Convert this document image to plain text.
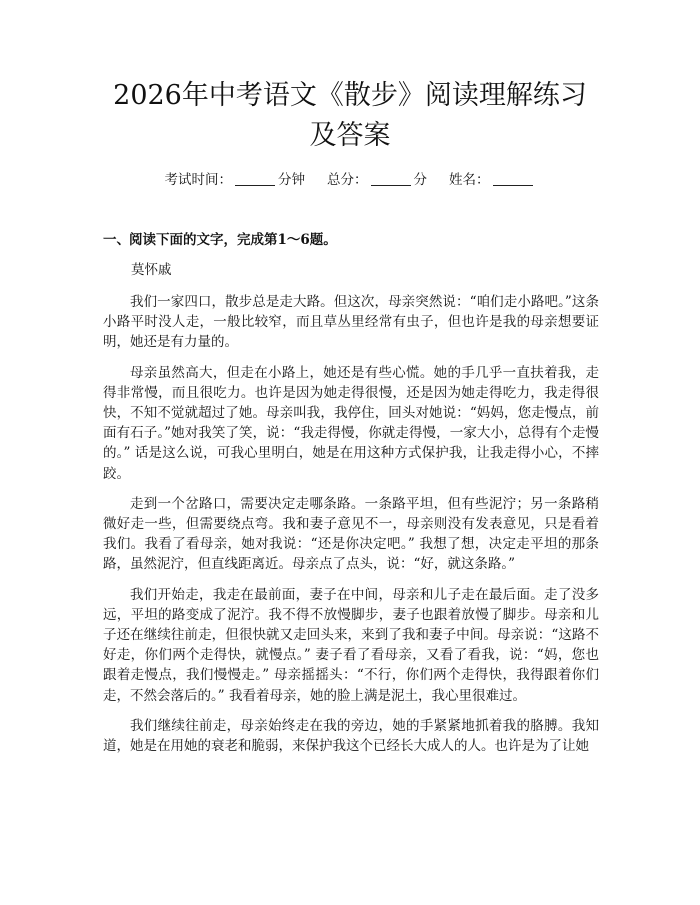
2026年中考语文《散步》阅读理解练习及答案
考试时间：	分钟 总分：	分 姓名：
一、阅读下面的文字，完成第1～6题。
莫怀戚

我们一家四口，散步总是走大路。但这次，母亲突然说：“咱们走小路吧。”这条小路平时没人走，一般比较窄，而且草丛里经常有虫子，但也许是我的母亲想要证明，她还是有力量的。

母亲虽然高大，但走在小路上，她还是有些心慌。她的手几乎一直扶着我，走得非常慢，而且很吃力。也许是因为她走得很慢，还是因为她走得吃力，我走得很快，不知不觉就超过了她。母亲叫我，我停住，回头对她说：“妈妈，您走慢点，前面有石子。”她对我笑了笑，说：“我走得慢，你就走得慢，一家大小，总得有个走慢的。” 话是这么说，可我心里明白，她是在用这种方式保护我，让我走得小心，不摔跤。

走到一个岔路口，需要决定走哪条路。一条路平坦，但有些泥泞；另一条路稍微好走一些，但需要绕点弯。我和妻子意见不一，母亲则没有发表意见，只是看着我们。我看了看母亲，她对我说：“还是你决定吧。” 我想了想，决定走平坦的那条路，虽然泥泞，但直线距离近。母亲点了点头，说：“好，就这条路。”

我们开始走，我走在最前面，妻子在中间，母亲和儿子走在最后面。走了没多远，平坦的路变成了泥泞。我不得不放慢脚步，妻子也跟着放慢了脚步。母亲和儿子还在继续往前走，但很快就又走回头来，来到了我和妻子中间。母亲说：“这路不好走，你们两个走得快，就慢点。” 妻子看了看母亲，又看了看我，说：“妈，您也跟着走慢点，我们慢慢走。” 母亲摇摇头：“不行，你们两个走得快，我得跟着你们走，不然会落后的。” 我看着母亲，她的脸上满是泥土，我心里很难过。

我们继续往前走，母亲始终走在我的旁边，她的手紧紧地抓着我的胳膊。我知道，她是在用她的衰老和脆弱，来保护我这个已经长大成人的人。也许是为了让她
